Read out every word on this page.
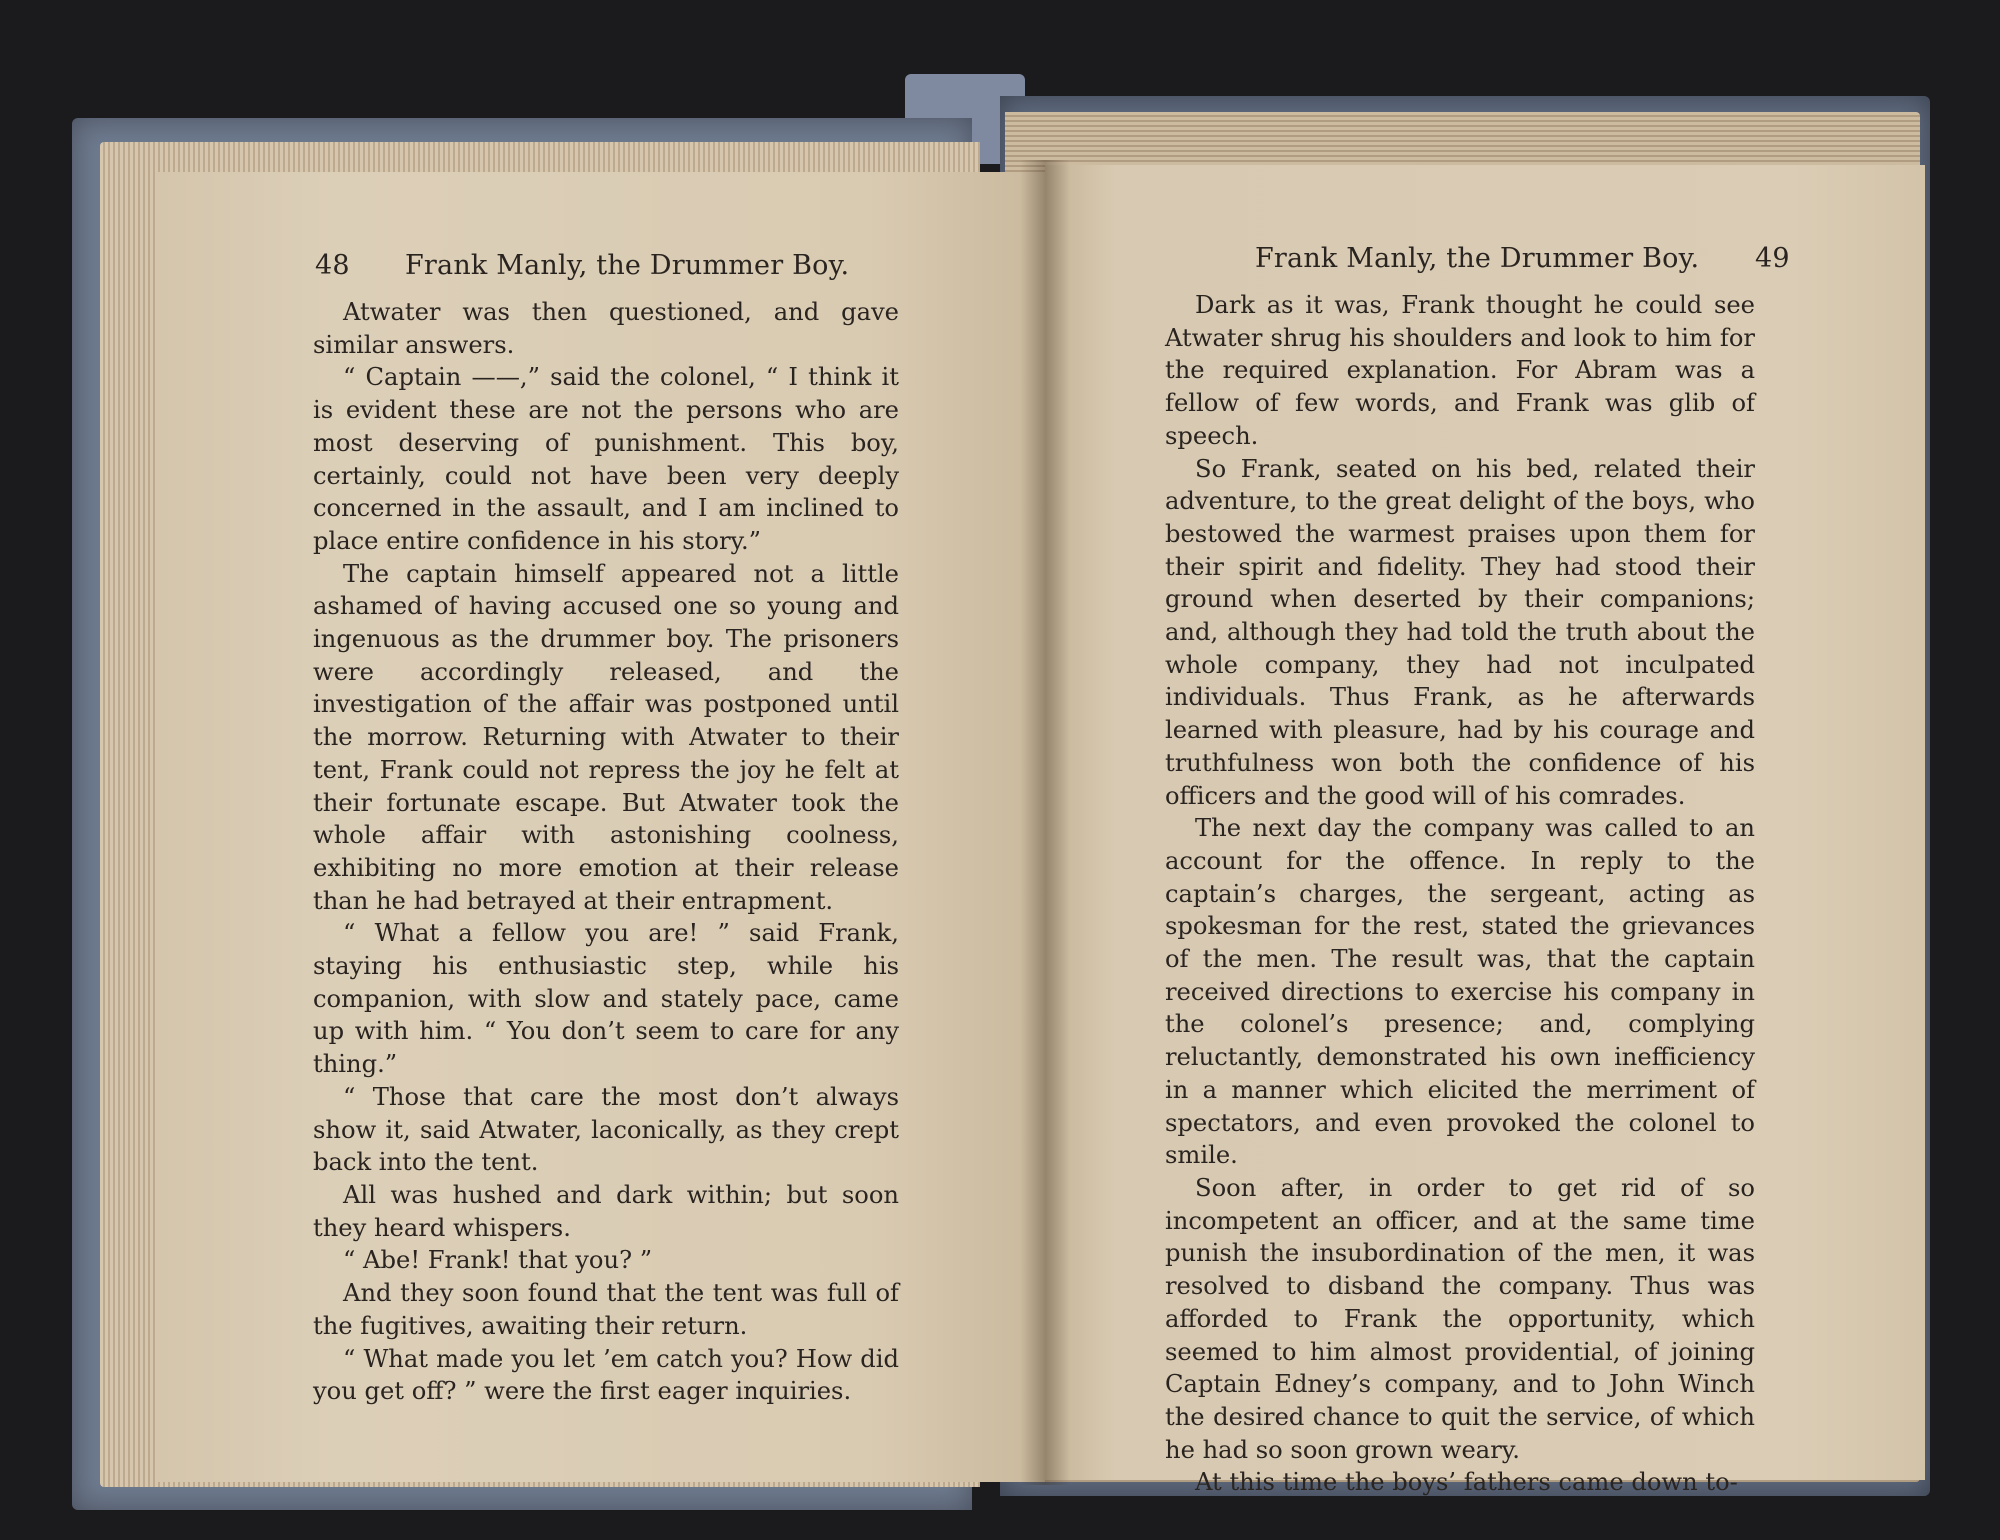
48 Frank Manly, the Drummer Boy.

Atwater was then questioned, and gave similar answers.

“ Captain ——,” said the colonel, “ I think it is evident these are not the persons who are most deserving of punishment. This boy, certainly, could not have been very deeply concerned in the assault, and I am inclined to place entire confidence in his story.”

The captain himself appeared not a little ashamed of having accused one so young and ingenuous as the drummer boy. The prisoners were accordingly released, and the investigation of the affair was postponed until the morrow. Returning with Atwater to their tent, Frank could not repress the joy he felt at their fortunate escape. But Atwater took the whole affair with astonishing coolness, exhibiting no more emotion at their release than he had betrayed at their entrapment.

“ What a fellow you are! ” said Frank, staying his enthusiastic step, while his companion, with slow and stately pace, came up with him. “ You don’t seem to care for any thing.”

“ Those that care the most don’t always show it, said Atwater, laconically, as they crept back into the tent.

All was hushed and dark within; but soon they heard whispers.

“ Abe! Frank! that you? ”

And they soon found that the tent was full of the fugitives, awaiting their return.

“ What made you let ’em catch you? How did you get off? ” were the first eager inquiries.

Frank Manly, the Drummer Boy. 49

Dark as it was, Frank thought he could see Atwater shrug his shoulders and look to him for the required explanation. For Abram was a fellow of few words, and Frank was glib of speech.

So Frank, seated on his bed, related their adventure, to the great delight of the boys, who bestowed the warmest praises upon them for their spirit and fidelity. They had stood their ground when deserted by their companions; and, although they had told the truth about the whole company, they had not inculpated individuals. Thus Frank, as he afterwards learned with pleasure, had by his courage and truthfulness won both the confidence of his officers and the good will of his comrades.

The next day the company was called to an account for the offence. In reply to the captain’s charges, the sergeant, acting as spokesman for the rest, stated the grievances of the men. The result was, that the captain received directions to exercise his company in the colonel’s presence; and, complying reluctantly, demonstrated his own inefficiency in a manner which elicited the merriment of spectators, and even provoked the colonel to smile.

Soon after, in order to get rid of so incompetent an officer, and at the same time punish the insubordination of the men, it was resolved to disband the company. Thus was afforded to Frank the opportunity, which seemed to him almost providential, of joining Captain Edney’s company, and to John Winch the desired chance to quit the service, of which he had so soon grown weary.

At this time the boys’ fathers came down to-
